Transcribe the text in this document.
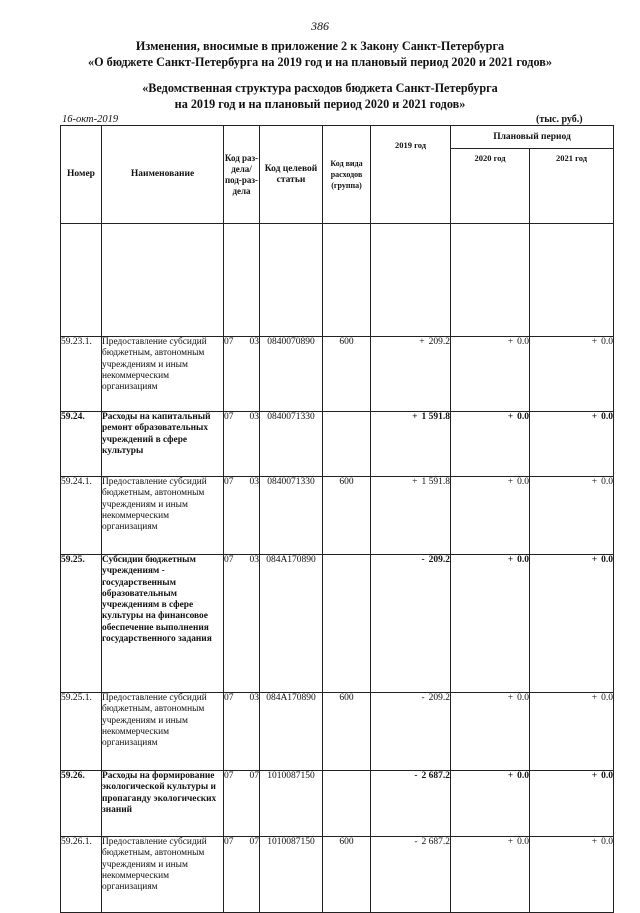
386
Изменения, вносимые в приложение 2 к Закону Санкт-Петербурга
«О бюджете Санкт-Петербурга на 2019 год и на плановый период 2020 и 2021 годов»
«Ведомственная структура расходов бюджета Санкт-Петербурга
на 2019 год и на плановый период 2020 и 2021 годов»
16-окт-2019	(тыс. руб.)
Номер	Наименование	Код раз-дела/ под-раз-дела	Код целевой статьи	Код вида расходов (группа)	2019 год	Плановый период	
						2020 год	2021 год

59.23.1.	Предоставление субсидий бюджетным, автономным учреждениям и иным некоммерческим организациям	07 03	0840070890	600	+ 209.2	+ 0.0	+ 0.0
59.24.	Расходы на капитальный ремонт образовательных учреждений в сфере культуры	07 03	0840071330		+ 1 591.8	+ 0.0	+ 0.0
59.24.1.	Предоставление субсидий бюджетным, автономным учреждениям и иным некоммерческим организациям	07 03	0840071330	600	+ 1 591.8	+ 0.0	+ 0.0
59.25.	Субсидии бюджетным учреждениям - государственным образовательным учреждениям в сфере культуры на финансовое обеспечение выполнения государственного задания	07 03	084A170890		- 209.2	+ 0.0	+ 0.0
59.25.1.	Предоставление субсидий бюджетным, автономным учреждениям и иным некоммерческим организациям	07 03	084A170890	600	- 209.2	+ 0.0	+ 0.0
59.26.	Расходы на формирование экологической культуры и пропаганду экологических знаний	07 07	1010087150		- 2 687.2	+ 0.0	+ 0.0
59.26.1.	Предоставление субсидий бюджетным, автономным учреждениям и иным некоммерческим организациям	07 07	1010087150	600	- 2 687.2	+ 0.0	+ 0.0
